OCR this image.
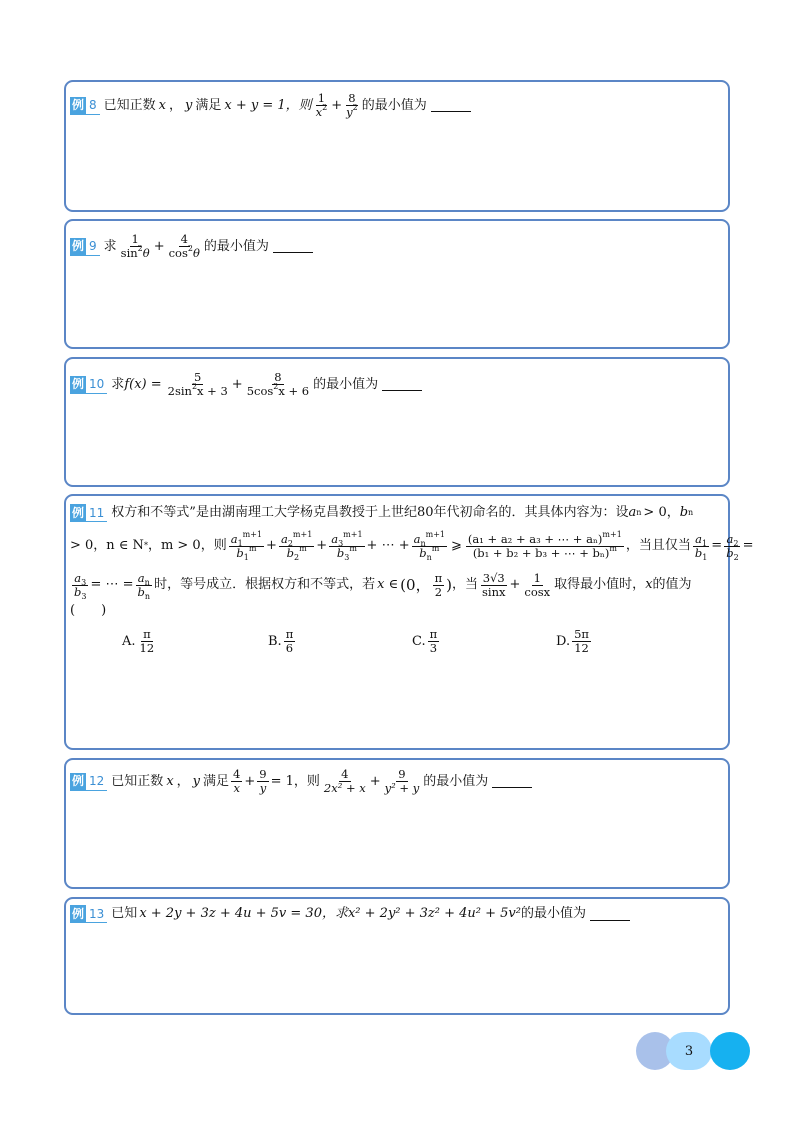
例 8 已知正数 x ， y 满足 x + y = 1，则 $\frac{1}{x^2} + \frac{8}{y^2}$ 的最小值为
例 9 求 $\frac{1}{\sin^2\theta} + \frac{4}{\cos^2\theta}$ 的最小值为
例 10 求 $f(x) = \frac{5}{2\sin^2x + 3} + \frac{8}{5\cos^2x + 6}$ 的最小值为
例 11 权方和不等式”是由湖南理工大学杨克昌教授于上世纪80年代初命名的．其具体内容为：设 a n > 0， b n
> 0，n ∈ N * ，m > 0，则 $\frac{a_1^{m+1}}{b_1^m} + \frac{a_2^{m+1}}{b_2^m} + \frac{a_3^{m+1}}{b_3^m}$ + ⋯ + $\frac{a_n^{m+1}}{b_n^m}$ ⩾ $\frac{(a_1 + a_2 + a_3 + \cdots + a_n)^{m+1}}{(b_1 + b_2 + b_3 + \cdots + b_n)^m}$ ，当且仅当 $\frac{a_1}{b_1} = \frac{a_2}{b_2}$ =
$\frac{a_3}{b_3}$ = ⋯ = $\frac{a_n}{b_n}$ 时，等号成立．根据权方和不等式，若 x ∈ (0， $\frac{\pi}{2}$ ) ，当 $\frac{3√3}{\sin x} + \frac{1}{\cos x}$ 取得最小值时， x 的值为
(　　)
A. $\frac{\pi}{12}$	B. $\frac{\pi}{6}$	C. $\frac{\pi}{3}$	D. $\frac{5\pi}{12}$
例 12 已知正数 x ， y 满足 $\frac{4}{x} + \frac{9}{y} = 1$，则 $\frac{4}{\text{2x² + x}} + \frac{9}{\text{y² + y}}$ 的最小值为
例 13 已知 x + 2y + 3z + 4u + 5v = 30，求 x² + 2y² + 3z² + 4u² + 5v² 的最小值为
3
